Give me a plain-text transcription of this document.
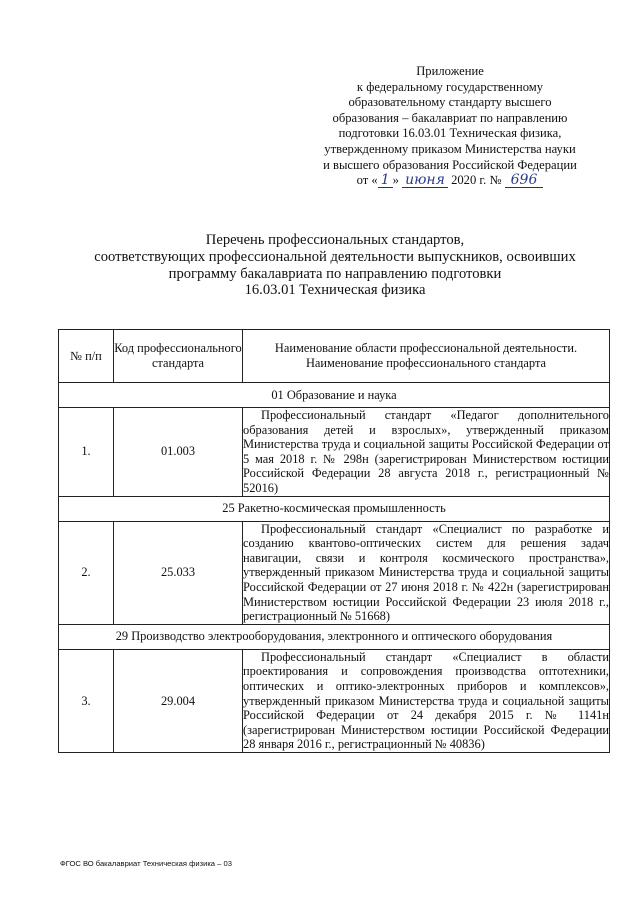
Приложение
к федеральному государственному
образовательному стандарту высшего
образования – бакалавриат по направлению
подготовки 16.03.01 Техническая физика,
утвержденному приказом Министерства науки
и высшего образования Российской Федерации
от « 1 » июня 2020 г. № 696
Перечень профессиональных стандартов,
соответствующих профессиональной деятельности выпускников, освоивших
программу бакалавриата по направлению подготовки
16.03.01 Техническая физика
№ п/п	Код профессионального стандарта	Наименование области профессиональной деятельности. Наименование профессионального стандарта
01 Образование и наука		
1.	01.003	Профессиональный стандарт «Педагог дополнительного образования детей и взрослых», утвержденный приказом Министерства труда и социальной защиты Российской Федерации от 5 мая 2018 г. № 298н (зарегистрирован Министерством юстиции Российской Федерации 28 августа 2018 г., регистрационный № 52016)

25 Ракетно-космическая промышленность		
2.	25.033	Профессиональный стандарт «Специалист по разработке и созданию квантово-оптических систем для решения задач навигации, связи и контроля космического пространства», утвержденный приказом Министерства труда и социальной защиты Российской Федерации от 27 июня 2018 г. № 422н (зарегистрирован Министерством юстиции Российской Федерации 23 июля 2018 г., регистрационный № 51668)

29 Производство электрооборудования, электронного и оптического оборудования		
3.	29.004	Профессиональный стандарт «Специалист в области проектирования и сопровождения производства оптотехники, оптических и оптико-электронных приборов и комплексов», утвержденный приказом Министерства труда и социальной защиты Российской Федерации от 24 декабря 2015 г. № 1141н (зарегистрирован Министерством юстиции Российской Федерации 28 января 2016 г., регистрационный № 40836)
ФГОС ВО бакалавриат Техническая физика – 03
